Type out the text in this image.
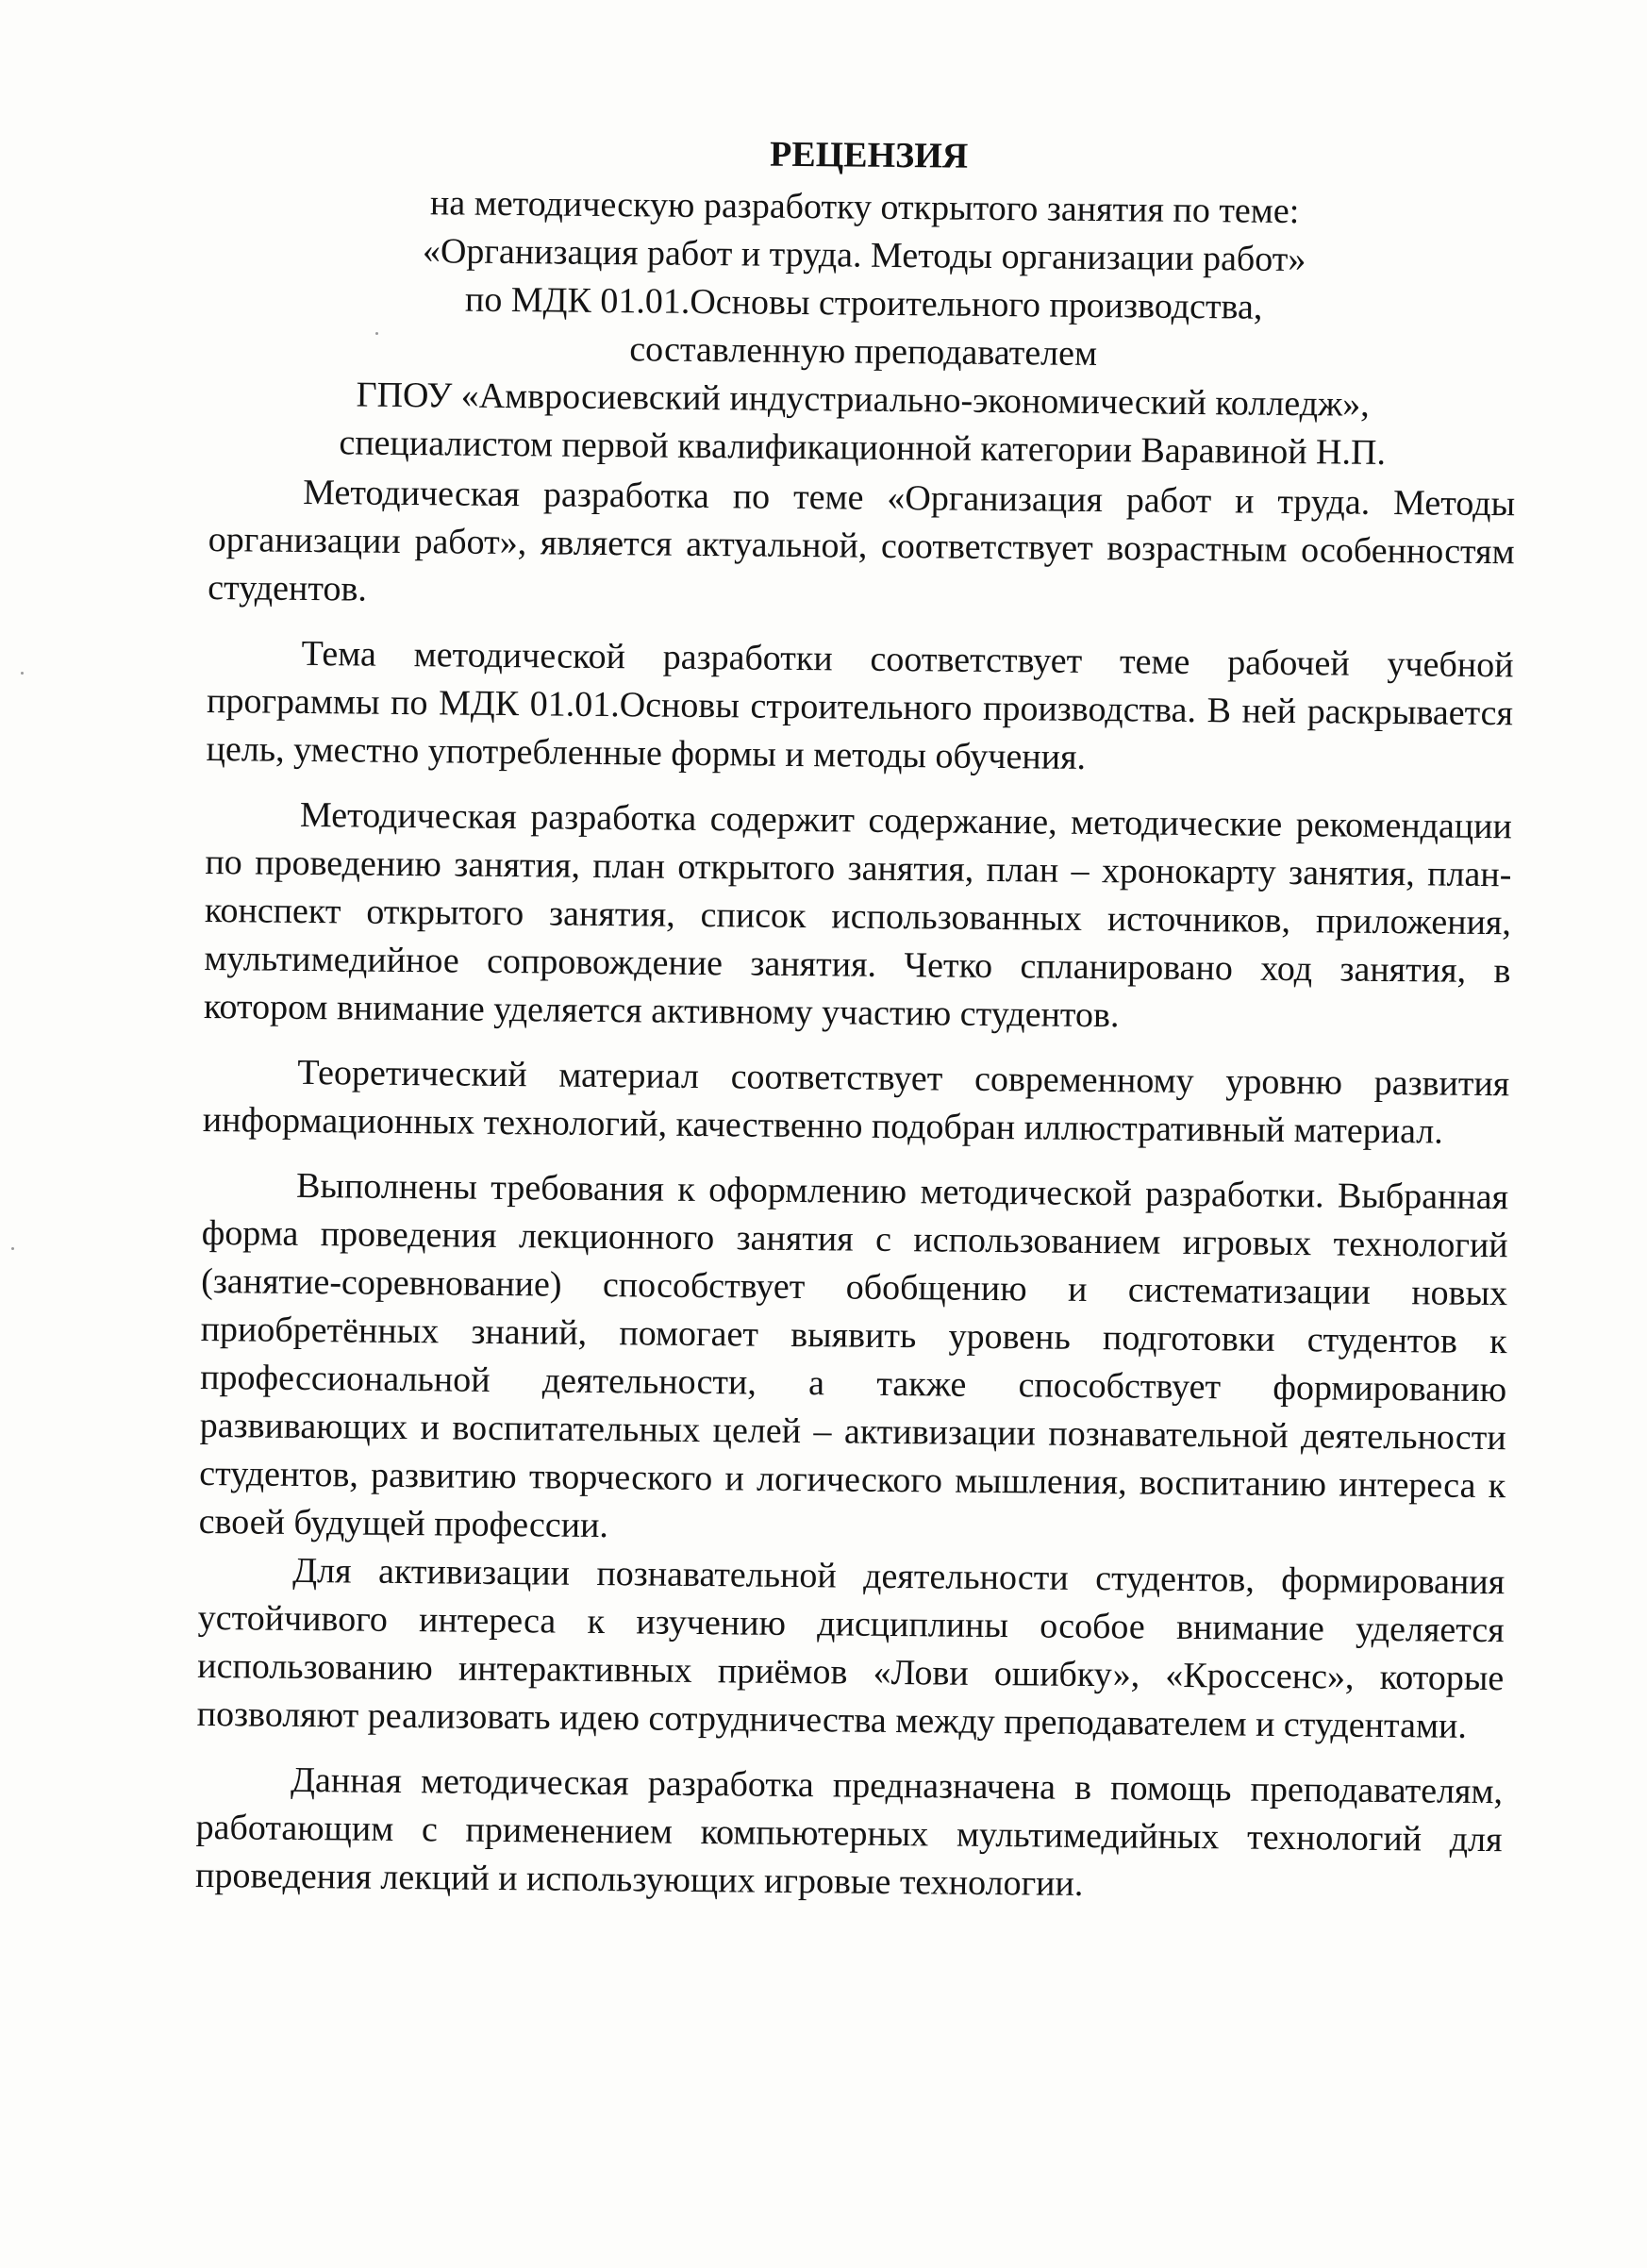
РЕЦЕНЗИЯ
на методическую разработку открытого занятия по теме:
«Организация работ и труда. Методы организации работ»
по МДК 01.01.Основы строительного производства,
составленную преподавателем
ГПОУ «Амвросиевский индустриально-экономический колледж»,
специалистом первой квалификационной категории Варавиной Н.П.

Методическая разработка по теме «Организация работ и труда. Методы организации работ», является актуальной, соответствует возрастным особенностям студентов.

Тема методической разработки соответствует теме рабочей учебной программы по МДК 01.01.Основы строительного производства. В ней раскрывается цель, уместно употребленные формы и методы обучения.

Методическая разработка содержит содержание, методические рекомендации по проведению занятия, план открытого занятия, план – хронокарту занятия, план-конспект открытого занятия, список использованных источников, приложения, мультимедийное сопровождение занятия. Четко спланировано ход занятия, в котором внимание уделяется активному участию студентов.

Теоретический материал соответствует современному уровню развития информационных технологий, качественно подобран иллюстративный материал.

Выполнены требования к оформлению методической разработки. Выбранная форма проведения лекционного занятия с использованием игровых технологий (занятие-соревнование) способствует обобщению и систематизации новых приобретённых знаний, помогает выявить уровень подготовки студентов к профессиональной деятельности, а также способствует формированию развивающих и воспитательных целей – активизации познавательной деятельности студентов, развитию творческого и логического мышления, воспитанию интереса к своей будущей профессии.

Для активизации познавательной деятельности студентов, формирования устойчивого интереса к изучению дисциплины особое внимание уделяется использованию интерактивных приёмов «Лови ошибку», «Кроссенс», которые позволяют реализовать идею сотрудничества между преподавателем и студентами.

Данная методическая разработка предназначена в помощь преподавателям, работающим с применением компьютерных мультимедийных технологий для проведения лекций и использующих игровые технологии.
